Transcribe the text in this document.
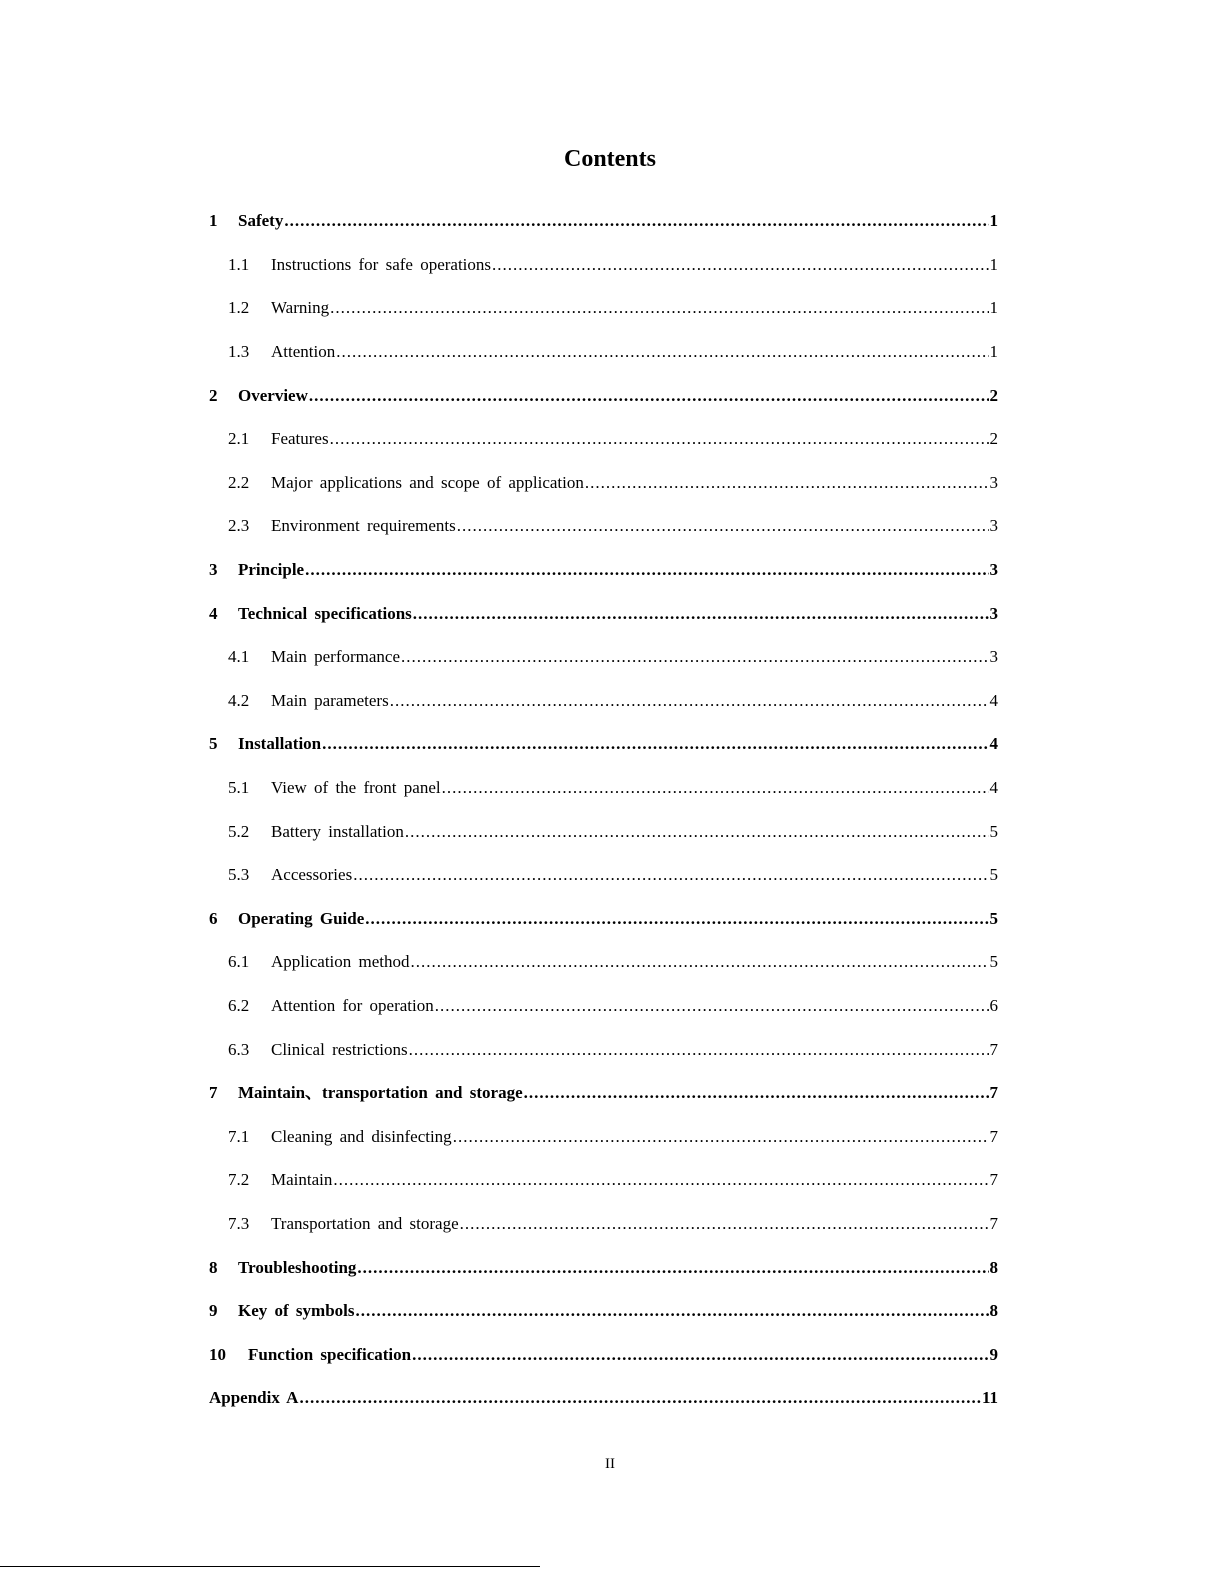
Contents
1	Safety .....	1
1.1	Instructions for safe operations .....	1
1.2	Warning .....	1
1.3	Attention .....	1
2	Overview .....	2
2.1	Features .....	2
2.2	Major applications and scope of application .....	3
2.3	Environment requirements .....	3
3	Principle .....	3
4	Technical specifications .....	3
4.1	Main performance .....	3
4.2	Main parameters .....	4
5	Installation .....	4
5.1	View of the front panel .....	4
5.2	Battery installation .....	5
5.3	Accessories .....	5
6	Operating Guide .....	5
6.1	Application method .....	5
6.2	Attention for operation .....	6
6.3	Clinical restrictions .....	7
7	Maintain、transportation and storage .....	7
7.1	Cleaning and disinfecting .....	7
7.2	Maintain .....	7
7.3	Transportation and storage .....	7
8	Troubleshooting .....	8
9	Key of symbols .....	8
10	Function specification .....	9
Appendix A .....	11
II
